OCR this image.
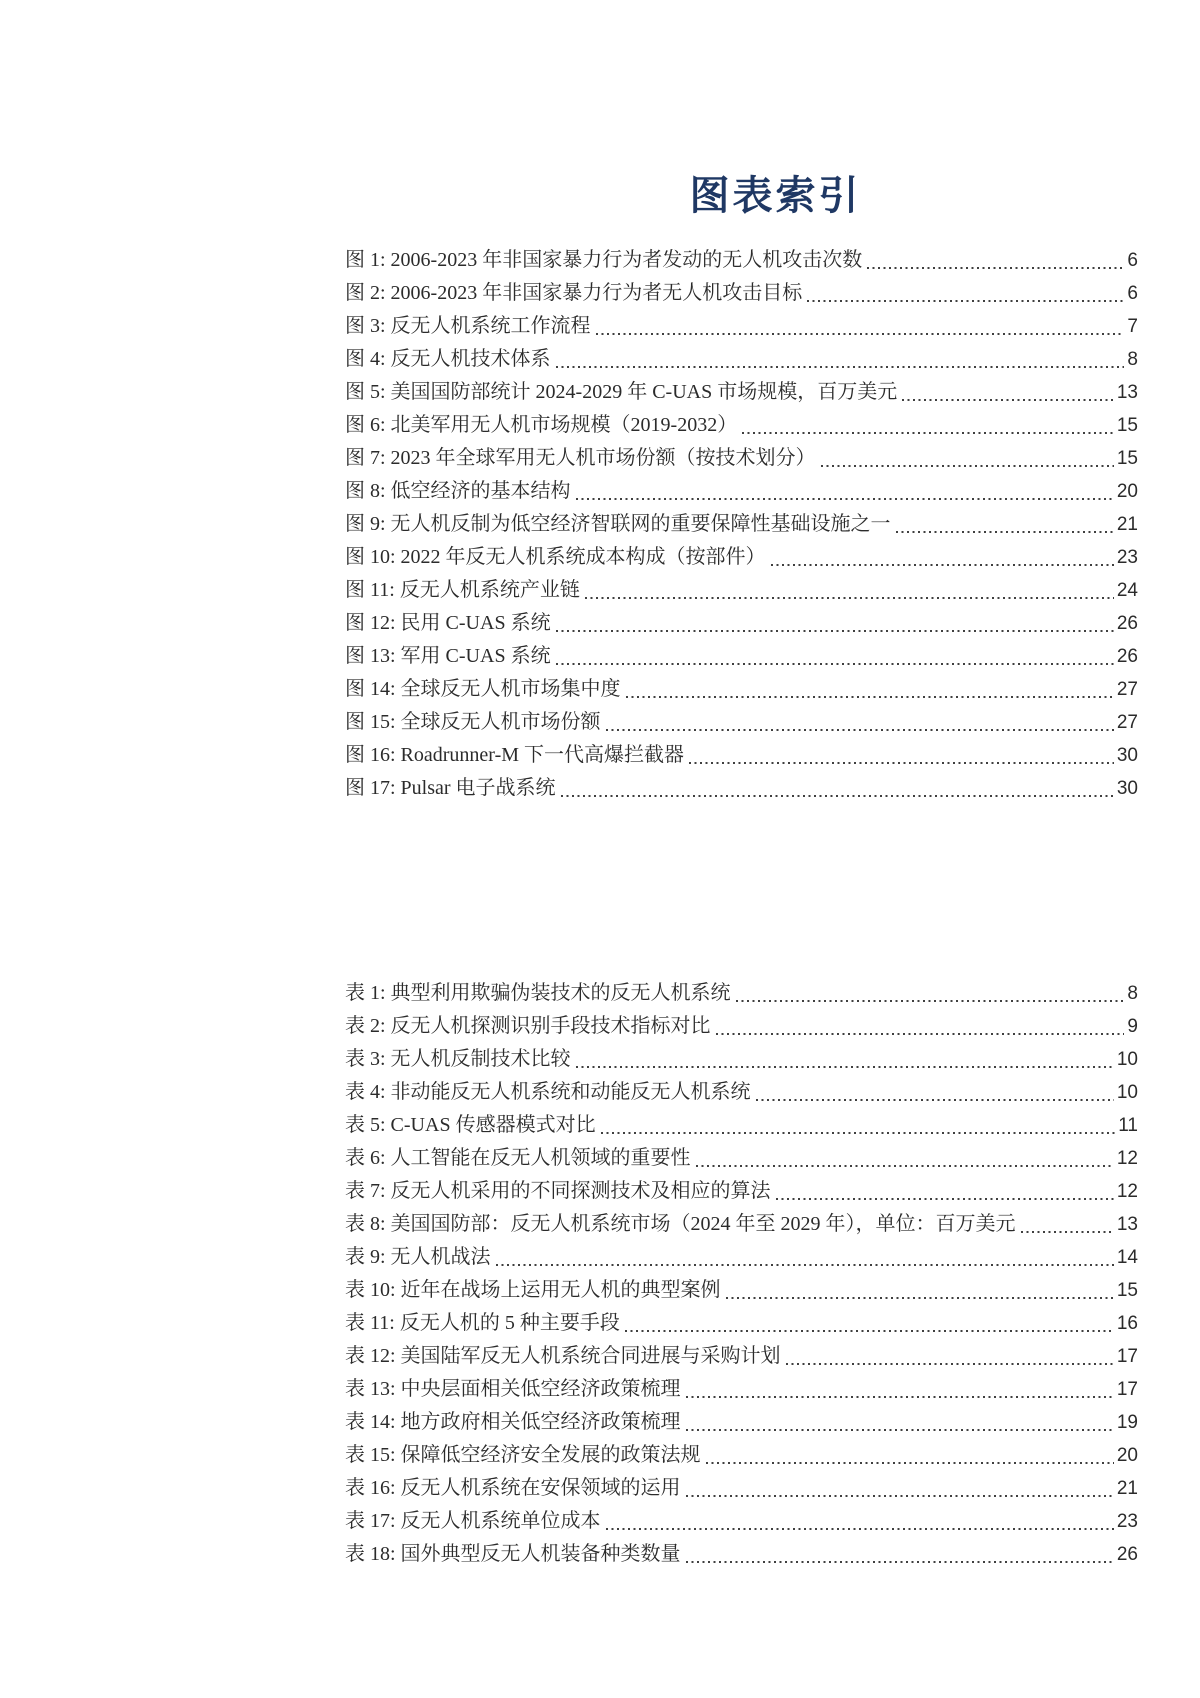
图表索引
图 1: 2006-2023 年非国家暴力行为者发动的无人机攻击次数	6
图 2: 2006-2023 年非国家暴力行为者无人机攻击目标	6
图 3: 反无人机系统工作流程	7
图 4: 反无人机技术体系	8
图 5: 美国国防部统计 2024-2029 年 C-UAS 市场规模，百万美元	13
图 6: 北美军用无人机市场规模（2019-2032）	15
图 7: 2023 年全球军用无人机市场份额（按技术划分）	15
图 8: 低空经济的基本结构	20
图 9: 无人机反制为低空经济智联网的重要保障性基础设施之一	21
图 10: 2022 年反无人机系统成本构成（按部件）	23
图 11: 反无人机系统产业链	24
图 12: 民用 C-UAS 系统	26
图 13: 军用 C-UAS 系统	26
图 14: 全球反无人机市场集中度	27
图 15: 全球反无人机市场份额	27
图 16: Roadrunner-M 下一代高爆拦截器	30
图 17: Pulsar 电子战系统	30
表 1: 典型利用欺骗伪装技术的反无人机系统	8
表 2: 反无人机探测识别手段技术指标对比	9
表 3: 无人机反制技术比较	10
表 4: 非动能反无人机系统和动能反无人机系统	10
表 5: C-UAS 传感器模式对比	11
表 6: 人工智能在反无人机领域的重要性	12
表 7: 反无人机采用的不同探测技术及相应的算法	12
表 8: 美国国防部：反无人机系统市场（2024 年至 2029 年），单位：百万美元	13
表 9: 无人机战法	14
表 10: 近年在战场上运用无人机的典型案例	15
表 11: 反无人机的 5 种主要手段	16
表 12: 美国陆军反无人机系统合同进展与采购计划	17
表 13: 中央层面相关低空经济政策梳理	17
表 14: 地方政府相关低空经济政策梳理	19
表 15: 保障低空经济安全发展的政策法规	20
表 16: 反无人机系统在安保领域的运用	21
表 17: 反无人机系统单位成本	23
表 18: 国外典型反无人机装备种类数量	26
